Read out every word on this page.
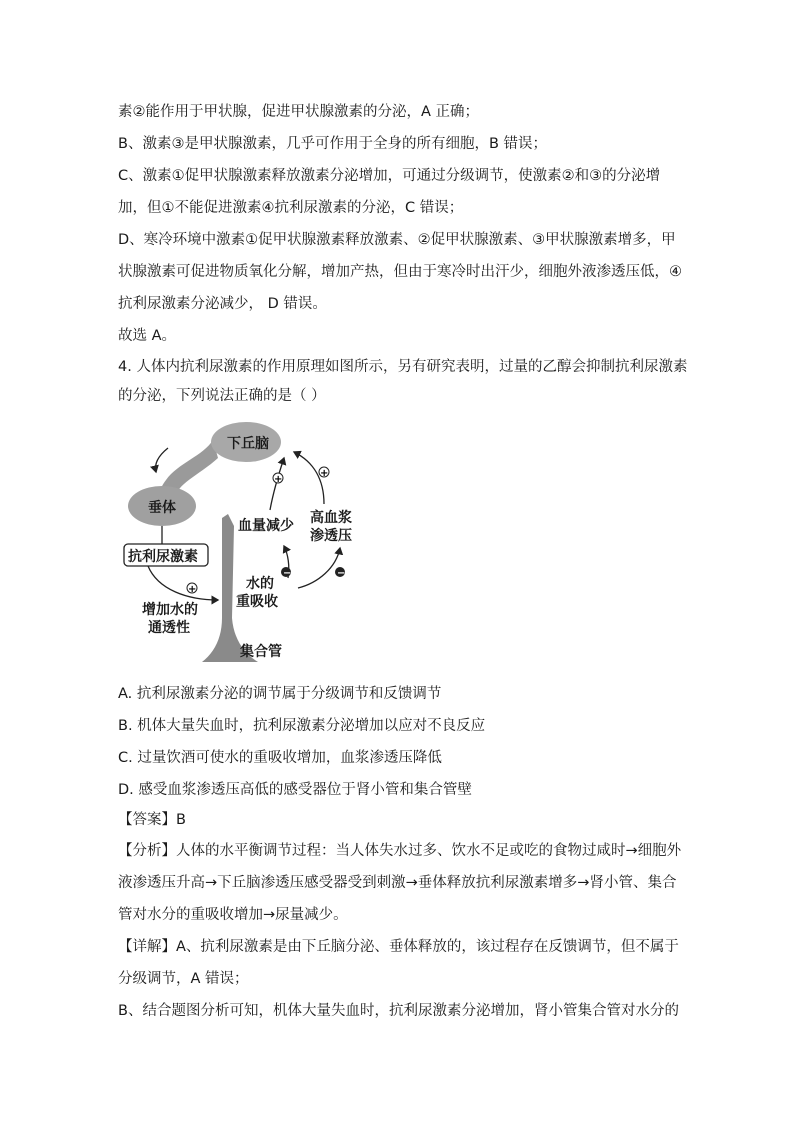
素②能作用于甲状腺，促进甲状腺激素的分泌，A 正确；
B、激素③是甲状腺激素，几乎可作用于全身的所有细胞，B 错误；
C、激素①促甲状腺激素释放激素分泌增加，可通过分级调节，使激素②和③的分泌增
加，但①不能促进激素④抗利尿激素的分泌，C 错误；
D、寒冷环境中激素①促甲状腺激素释放激素、②促甲状腺激素、③甲状腺激素增多，甲
状腺激素可促进物质氧化分解，增加产热，但由于寒冷时出汗少，细胞外液渗透压低，④
抗利尿激素分泌减少， D 错误。
故选 A。
4. 人体内抗利尿激素的作用原理如图所示，另有研究表明，过量的乙醇会抑制抗利尿激素
的分泌，下列说法正确的是（ ）
下丘脑
垂体
抗利尿激素
+
增加水的
通透性
水的
重吸收
血量减少 高血浆
渗透压
−	−
+
+
集合管
A. 抗利尿激素分泌的调节属于分级调节和反馈调节
B. 机体大量失血时，抗利尿激素分泌增加以应对不良反应
C. 过量饮酒可使水的重吸收增加，血浆渗透压降低
D. 感受血浆渗透压高低的感受器位于肾小管和集合管壁
【答案】B
【分析】人体的水平衡调节过程：当人体失水过多、饮水不足或吃的食物过咸时→细胞外
液渗透压升高→下丘脑渗透压感受器受到刺激→垂体释放抗利尿激素增多→肾小管、集合
管对水分的重吸收增加→尿量减少。
【详解】A、抗利尿激素是由下丘脑分泌、垂体释放的，该过程存在反馈调节，但不属于
分级调节，A 错误；
B、结合题图分析可知，机体大量失血时，抗利尿激素分泌增加，肾小管集合管对水分的
